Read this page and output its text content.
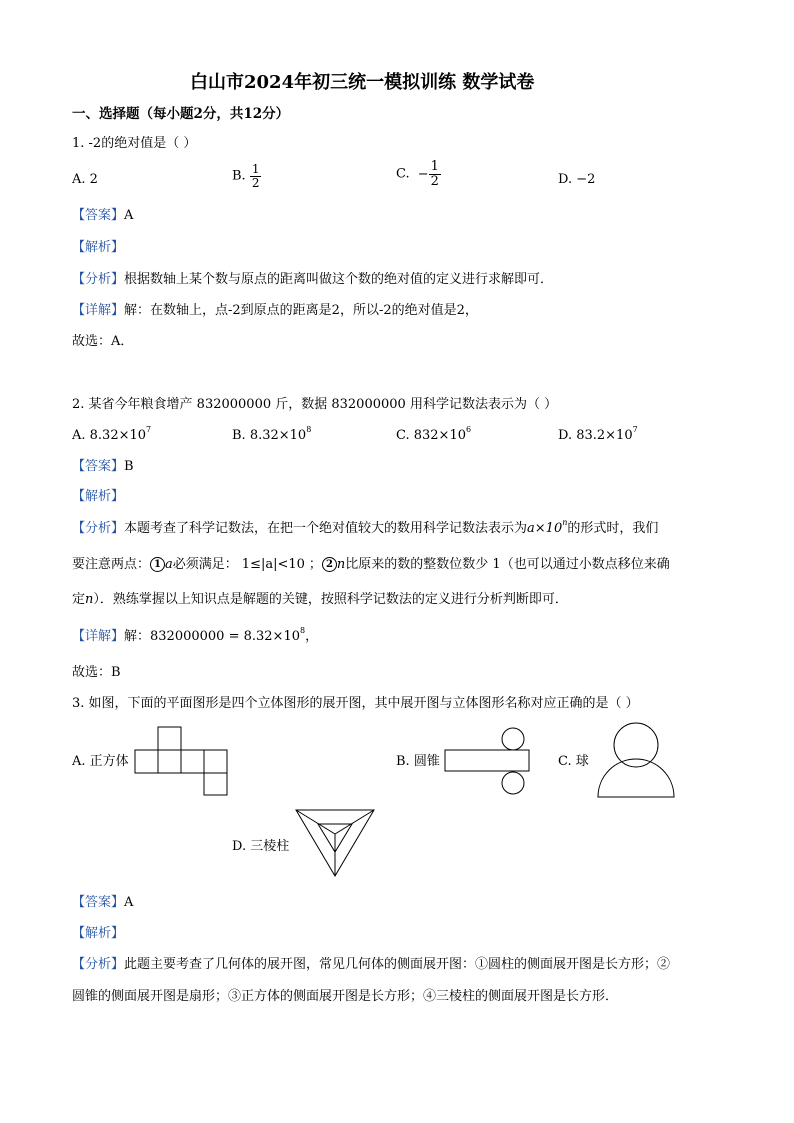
白山市2024年初三统一模拟训练 数学试卷
一、选择题（每小题2分，共12分）
1. -2的绝对值是（ ）
A. 2	B. $\frac{1}{2}$	C. − $\frac{1}{2}$	D. −2
【答案】A
【解析】
【分析】根据数轴上某个数与原点的距离叫做这个数的绝对值的定义进行求解即可．
【详解】解：在数轴上，点-2到原点的距离是2，所以-2的绝对值是2，
故选：A．
2. 某省今年粮食增产 832000000 斤，数据 832000000 用科学记数法表示为（ ）
A. $8.32\times 10^7$	B. $8.32\times 10^8$	C. $832\times 10^6$	D. $83.2\times 10^7$
【答案】B
【解析】
【分析】本题考查了科学记数法，在把一个绝对值较大的数用科学记数法表示为$a\times 10^n$的形式时，我们
要注意两点： 1 a必须满足： 1≤|a|<10 ； 2 n比原来的数的整数位数少 1（也可以通过小数点移位来确
定n）．熟练掌握以上知识点是解题的关键，按照科学记数法的定义进行分析判断即可．
【详解】解：$832000000 = 8.32\times 10^8$，
故选：B
3. 如图，下面的平面图形是四个立体图形的展开图，其中展开图与立体图形名称对应正确的是（ ）
A. 正方体	B. 圆锥	C. 球
D. 三棱柱
【答案】A
【解析】
【分析】此题主要考查了几何体的展开图，常见几何体的侧面展开图：①圆柱的侧面展开图是长方形；②
圆锥的侧面展开图是扇形；③正方体的侧面展开图是长方形；④三棱柱的侧面展开图是长方形．
